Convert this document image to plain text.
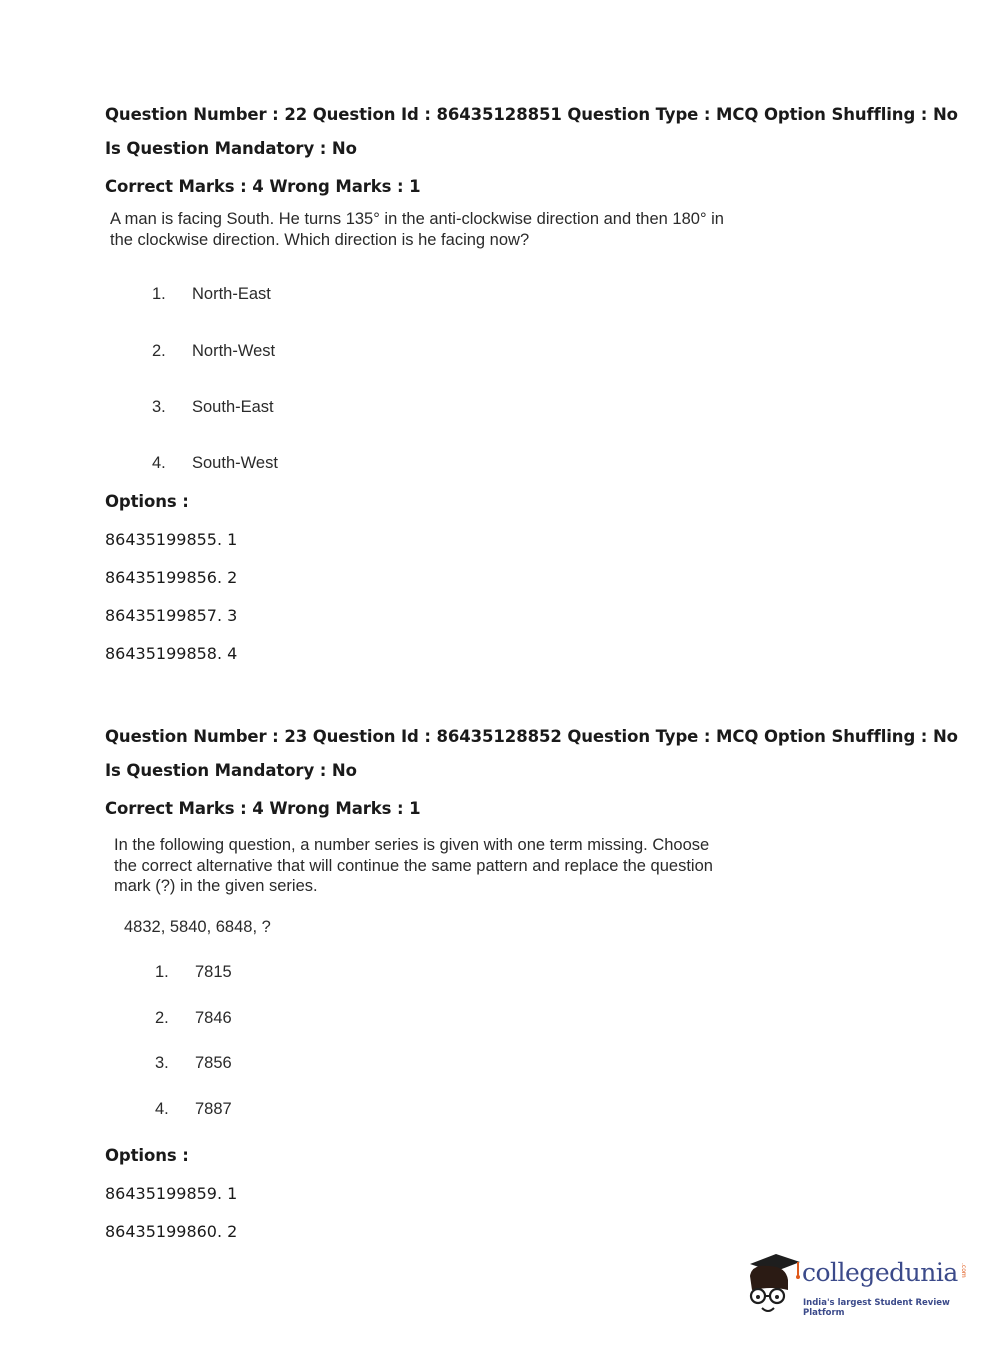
Question Number : 22 Question Id : 86435128851 Question Type : MCQ Option Shuffling : No
Is Question Mandatory : No
Correct Marks : 4 Wrong Marks : 1
A man is facing South. He turns 135° in the anti-clockwise direction and then 180° in the clockwise direction. Which direction is he facing now?
1. North-East
2. North-West
3. South-East
4. South-West
Options :
86435199855. 1
86435199856. 2
86435199857. 3
86435199858. 4
Question Number : 23 Question Id : 86435128852 Question Type : MCQ Option Shuffling : No
Is Question Mandatory : No
Correct Marks : 4 Wrong Marks : 1
In the following question, a number series is given with one term missing. Choose the correct alternative that will continue the same pattern and replace the question mark (?) in the given series.
4832, 5840, 6848, ?
1. 7815
2. 7846
3. 7856
4. 7887
Options :
86435199859. 1
86435199860. 2
collegedunia .com
India's largest Student Review Platform
